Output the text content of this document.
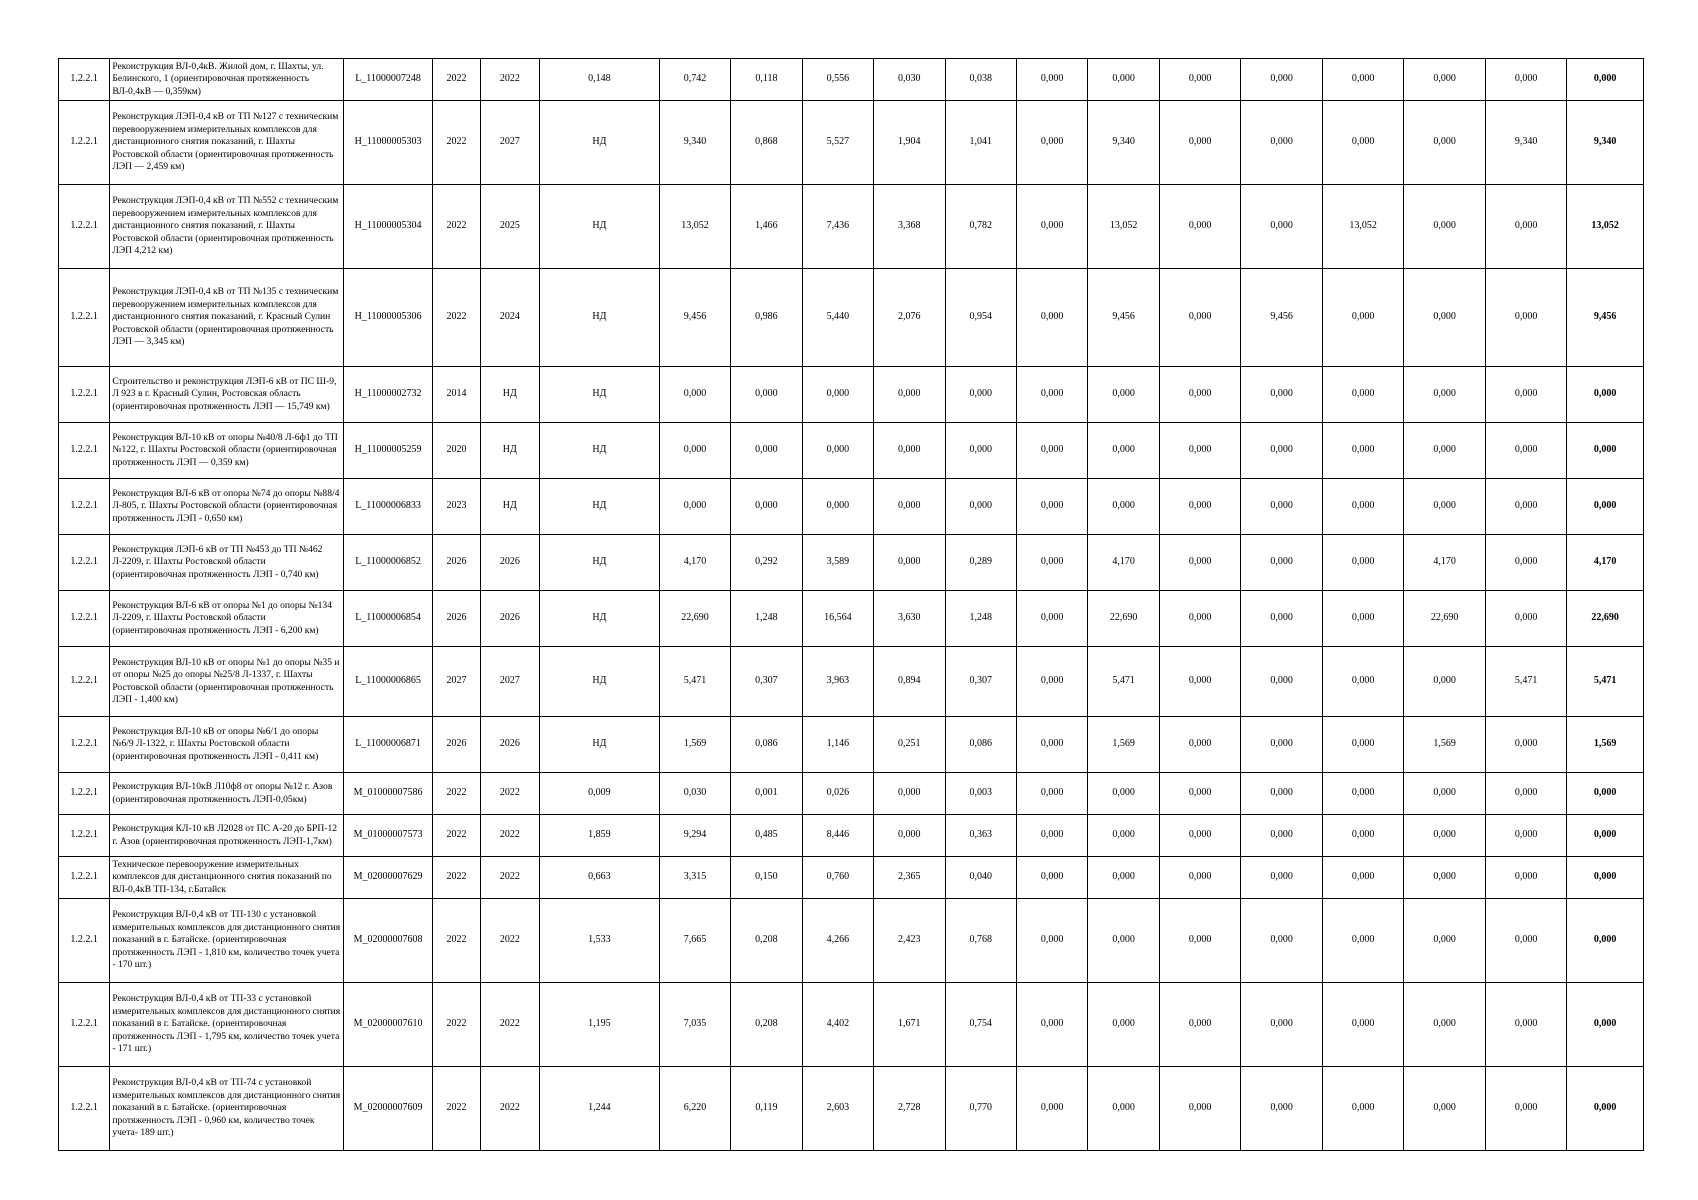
1.2.2.1	Реконструкция ВЛ-0,4кВ. Жилой дом, г. Шахты, ул. Белинского, 1 (ориентировочная протяженность ВЛ-0,4кВ — 0,359км)	L_11000007248	2022	2022	0,148	0,742	0,118	0,556	0,030	0,038	0,000	0,000	0,000	0,000	0,000	0,000	0,000	0,000
1.2.2.1	Реконструкция ЛЭП-0,4 кВ от ТП №127 с техническим перевооружением измерительных комплексов для дистанционного снятия показаний, г. Шахты Ростовской области (ориентировочная протяженность ЛЭП — 2,459 км)	H_11000005303	2022	2027	НД	9,340	0,868	5,527	1,904	1,041	0,000	9,340	0,000	0,000	0,000	0,000	9,340	9,340
1.2.2.1	Реконструкция ЛЭП-0,4 кВ от ТП №552 с техническим перевооружением измерительных комплексов для дистанционного снятия показаний, г. Шахты Ростовской области (ориентировочная протяженность ЛЭП 4,212 км)	H_11000005304	2022	2025	НД	13,052	1,466	7,436	3,368	0,782	0,000	13,052	0,000	0,000	13,052	0,000	0,000	13,052
1.2.2.1	Реконструкция ЛЭП-0,4 кВ от ТП №135 с техническим перевооружением измерительных комплексов для дистанционного снятия показаний, г. Красный Сулин Ростовской области (ориентировочная протяженность ЛЭП — 3,345 км)	H_11000005306	2022	2024	НД	9,456	0,986	5,440	2,076	0,954	0,000	9,456	0,000	9,456	0,000	0,000	0,000	9,456
1.2.2.1	Строительство и реконструкция ЛЭП-6 кВ от ПС Ш-9, Л 923 в г. Красный Сулин, Ростовская область (ориентировочная протяженность ЛЭП — 15,749 км)	H_11000002732	2014	НД	НД	0,000	0,000	0,000	0,000	0,000	0,000	0,000	0,000	0,000	0,000	0,000	0,000	0,000
1.2.2.1	Реконструкция ВЛ-10 кВ от опоры №40/8 Л-6ф1 до ТП №122, г. Шахты Ростовской области (ориентировочная протяженность ЛЭП — 0,359 км)	H_11000005259	2020	НД	НД	0,000	0,000	0,000	0,000	0,000	0,000	0,000	0,000	0,000	0,000	0,000	0,000	0,000
1.2.2.1	Реконструкция ВЛ-6 кВ от опоры №74 до опоры №88/4 Л-805, г. Шахты Ростовской области (ориентировочная протяженность ЛЭП - 0,650 км)	L_11000006833	2023	НД	НД	0,000	0,000	0,000	0,000	0,000	0,000	0,000	0,000	0,000	0,000	0,000	0,000	0,000
1.2.2.1	Реконструкция ЛЭП-6 кВ от ТП №453 до ТП №462 Л-2209, г. Шахты Ростовской области (ориентировочная протяженность ЛЭП - 0,740 км)	L_11000006852	2026	2026	НД	4,170	0,292	3,589	0,000	0,289	0,000	4,170	0,000	0,000	0,000	4,170	0,000	4,170
1.2.2.1	Реконструкция ВЛ-6 кВ от опоры №1 до опоры №134 Л-2209, г. Шахты Ростовской области (ориентировочная протяженность ЛЭП - 6,200 км)	L_11000006854	2026	2026	НД	22,690	1,248	16,564	3,630	1,248	0,000	22,690	0,000	0,000	0,000	22,690	0,000	22,690
1.2.2.1	Реконструкция ВЛ-10 кВ от опоры №1 до опоры №35 и от опоры №25 до опоры №25/8 Л-1337, г. Шахты Ростовской области (ориентировочная протяженность ЛЭП - 1,400 км)	L_11000006865	2027	2027	НД	5,471	0,307	3,963	0,894	0,307	0,000	5,471	0,000	0,000	0,000	0,000	5,471	5,471
1.2.2.1	Реконструкция ВЛ-10 кВ от опоры №6/1 до опоры №6/9 Л-1322, г. Шахты Ростовской области (ориентировочная протяженность ЛЭП - 0,411 км)	L_11000006871	2026	2026	НД	1,569	0,086	1,146	0,251	0,086	0,000	1,569	0,000	0,000	0,000	1,569	0,000	1,569
1.2.2.1	Реконструкция ВЛ-10кВ Л10ф8 от опоры №12 г. Азов (ориентировочная протяженность ЛЭП-0,05км)	M_01000007586	2022	2022	0,009	0,030	0,001	0,026	0,000	0,003	0,000	0,000	0,000	0,000	0,000	0,000	0,000	0,000
1.2.2.1	Реконструкция КЛ-10 кВ Л2028 от ПС А-20 до БРП-12 г. Азов (ориентировочная протяженность ЛЭП-1,7км)	M_01000007573	2022	2022	1,859	9,294	0,485	8,446	0,000	0,363	0,000	0,000	0,000	0,000	0,000	0,000	0,000	0,000
1.2.2.1	Техническое перевооружение измерительных комплексов для дистанционного снятия показаний по ВЛ-0,4кВ ТП-134, г.Батайск	M_02000007629	2022	2022	0,663	3,315	0,150	0,760	2,365	0,040	0,000	0,000	0,000	0,000	0,000	0,000	0,000	0,000
1.2.2.1	Реконструкция ВЛ-0,4 кВ от ТП-130 с установкой измерительных комплексов для дистанционного снятия показаний в г. Батайске. (ориентировочная протяженность ЛЭП - 1,810 км, количество точек учета - 170 шт.)	M_02000007608	2022	2022	1,533	7,665	0,208	4,266	2,423	0,768	0,000	0,000	0,000	0,000	0,000	0,000	0,000	0,000
1.2.2.1	Реконструкция ВЛ-0,4 кВ от ТП-33 с установкой измерительных комплексов для дистанционного снятия показаний в г. Батайске. (ориентировочная протяженность ЛЭП - 1,795 км, количество точек учета - 171 шт.)	M_02000007610	2022	2022	1,195	7,035	0,208	4,402	1,671	0,754	0,000	0,000	0,000	0,000	0,000	0,000	0,000	0,000
1.2.2.1	Реконструкция ВЛ-0,4 кВ от ТП-74 с установкой измерительных комплексов для дистанционного снятия показаний в г. Батайске. (ориентировочная протяженность ЛЭП - 0,960 км, количество точек учета- 189 шт.)	M_02000007609	2022	2022	1,244	6,220	0,119	2,603	2,728	0,770	0,000	0,000	0,000	0,000	0,000	0,000	0,000	0,000
